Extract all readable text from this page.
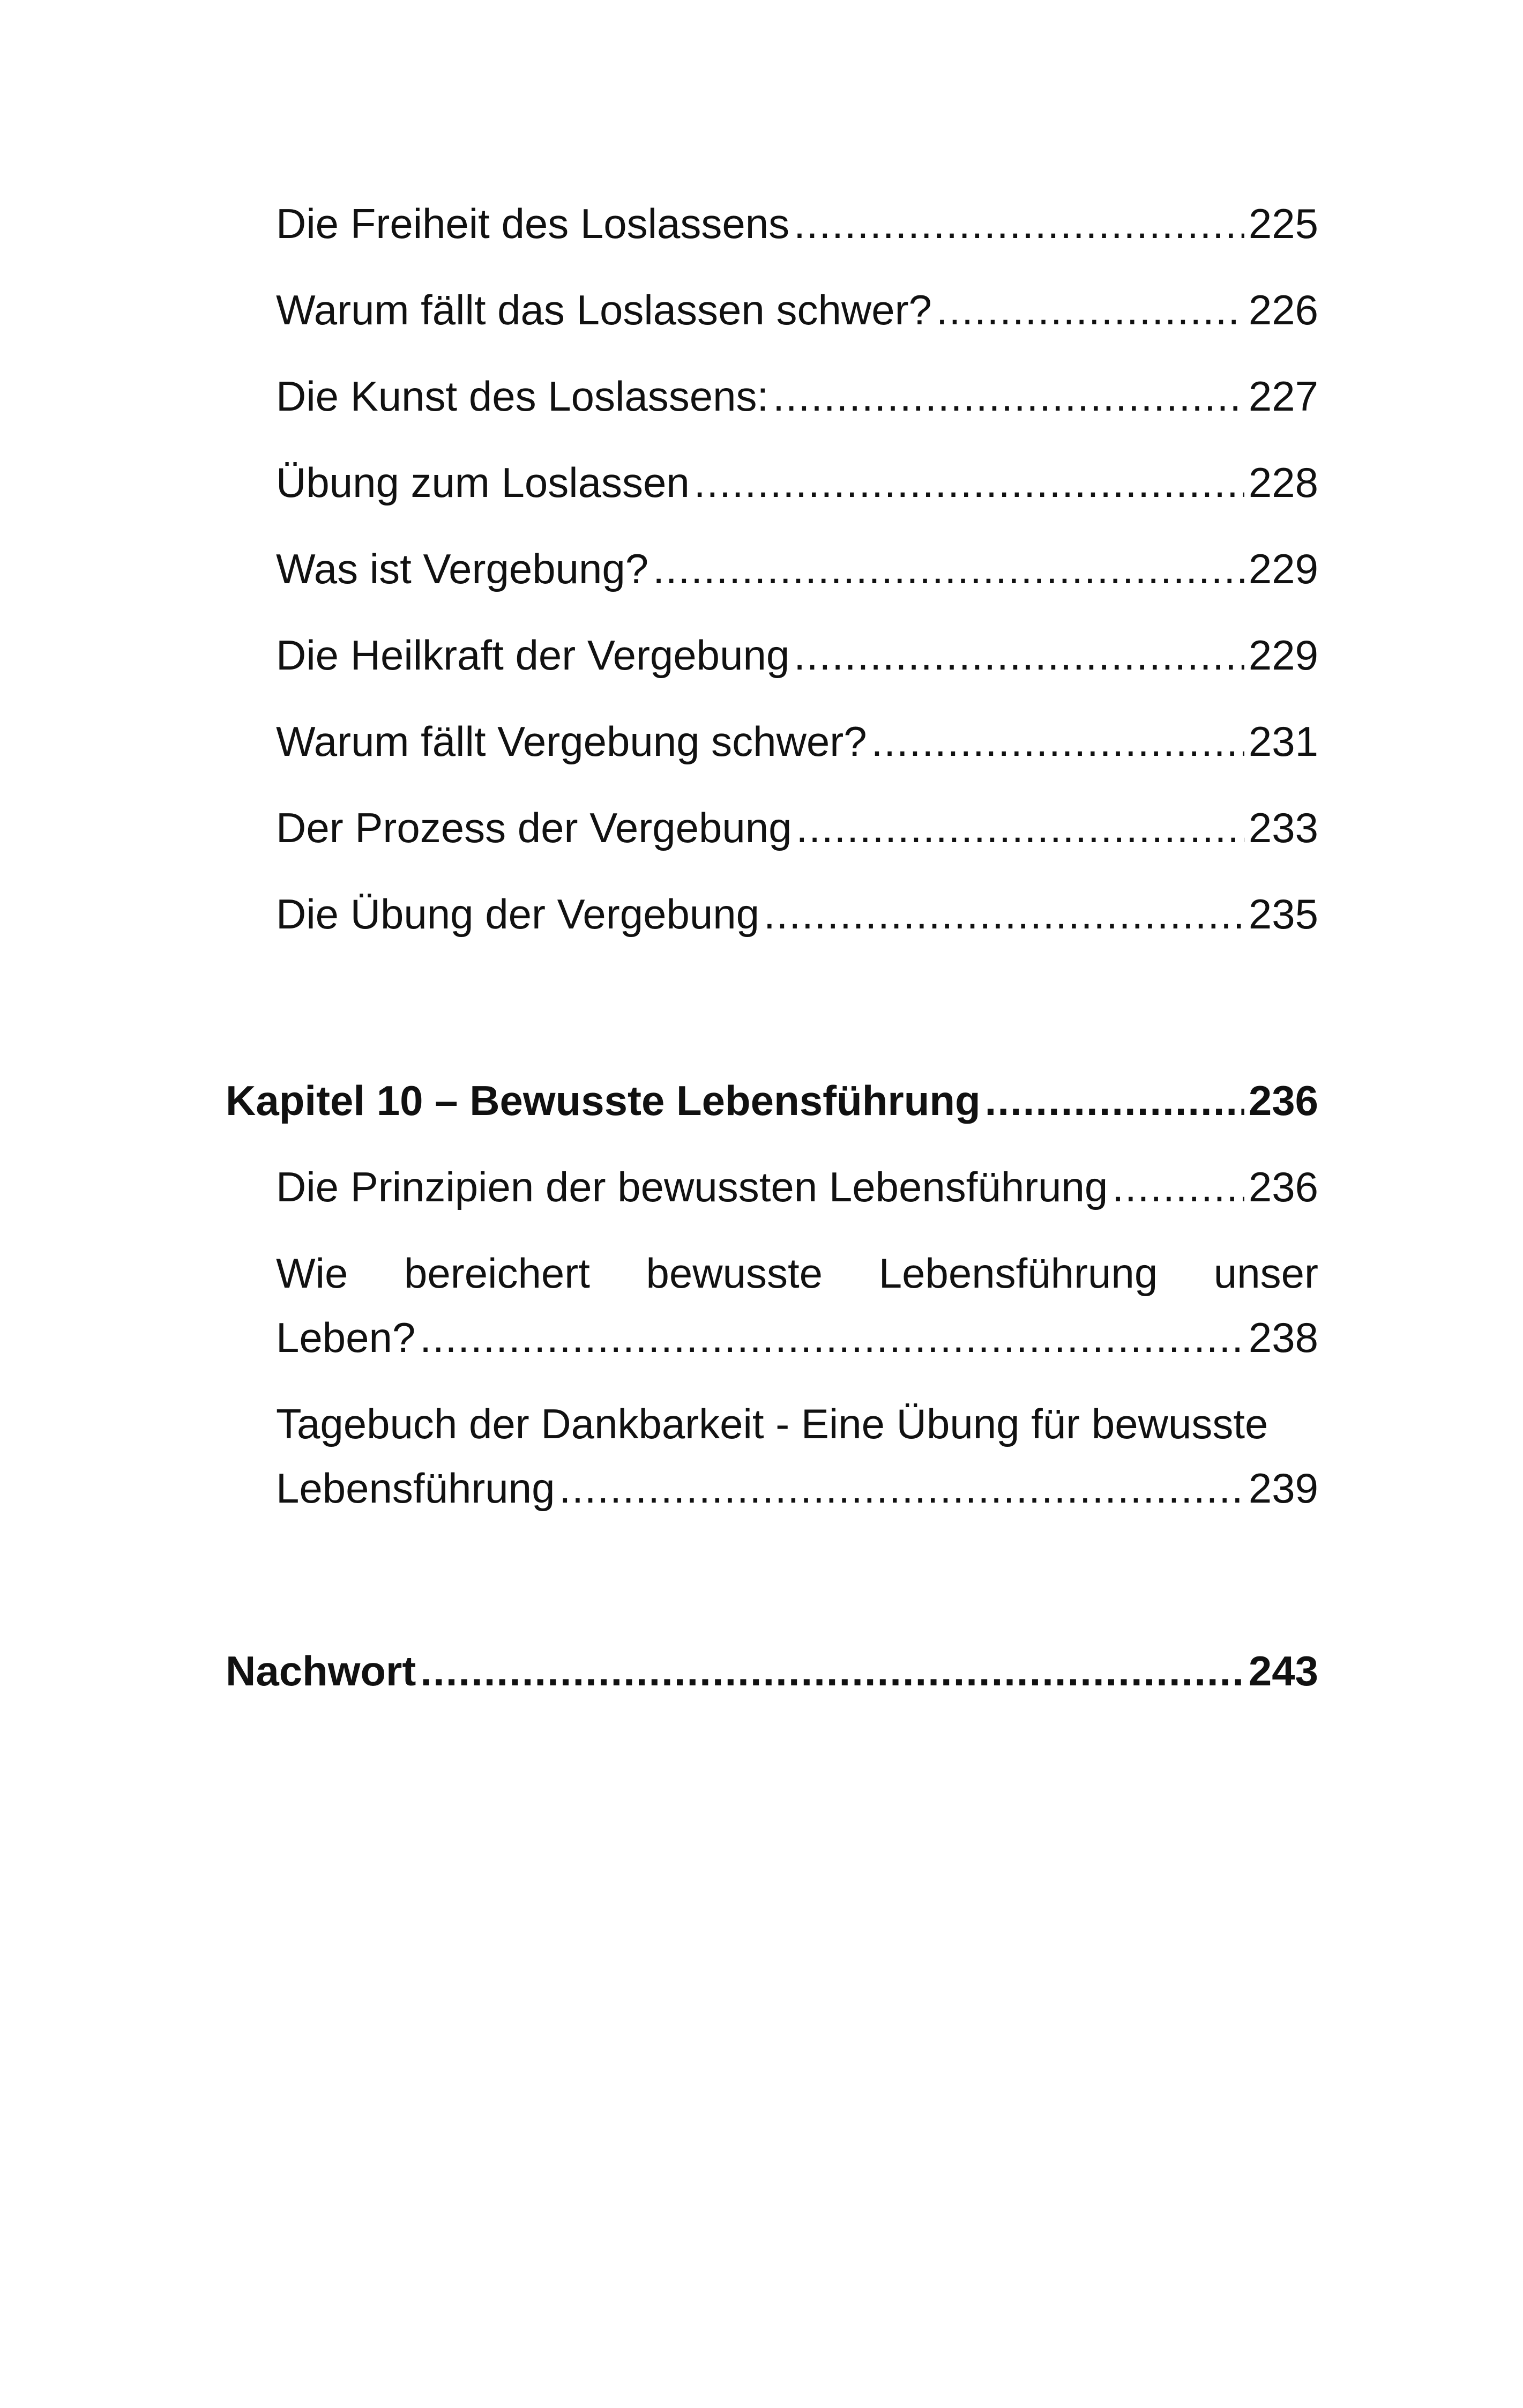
Die Freiheit des Loslassens .....	225
Warum fällt das Loslassen schwer? .....	226
Die Kunst des Loslassens: .....	227
Übung zum Loslassen .....	228
Was ist Vergebung? .....	229
Die Heilkraft der Vergebung .....	229
Warum fällt Vergebung schwer? .....	231
Der Prozess der Vergebung .....	233
Die Übung der Vergebung .....	235
Kapitel 10 – Bewusste Lebensführung .....	236
Die Prinzipien der bewussten Lebensführung .....	236
Wie bereichert bewusste Lebensführung unser
Leben? .....	238
Tagebuch der Dankbarkeit - Eine Übung für bewusste
Lebensführung .....	239
Nachwort .....	243
